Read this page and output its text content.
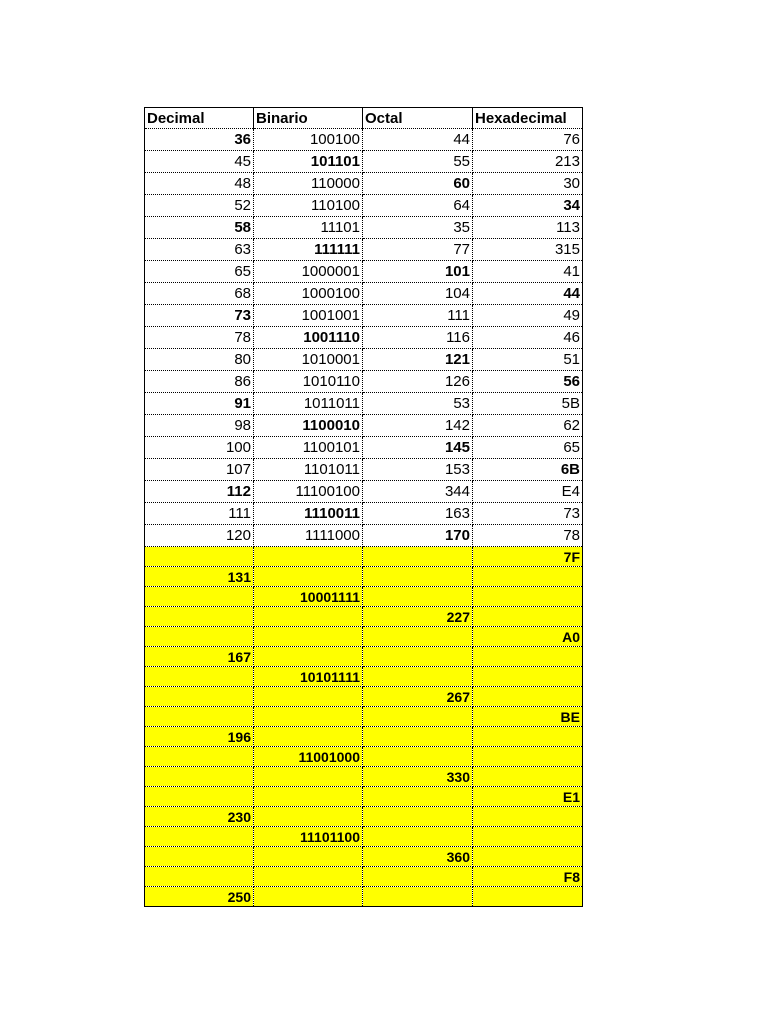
Decimal	Binario	Octal	Hexadecimal
36	100100	44	76
45	101101	55	213
48	110000	60	30
52	110100	64	34
58	11101	35	113
63	111111	77	315
65	1000001	101	41
68	1000100	104	44
73	1001001	111	49
78	1001110	116	46
80	1010001	121	51
86	1010110	126	56
91	1011011	53	5B
98	1100010	142	62
100	1100101	145	65
107	1101011	153	6B
112	11100100	344	E4
111	1110011	163	73
120	1111000	170	78
			7F
131			
	10001111		
		227	
			A0
167			
	10101111		
		267	
			BE
196			
	11001000		
		330	
			E1
230			
	11101100		
		360	
			F8
250			
